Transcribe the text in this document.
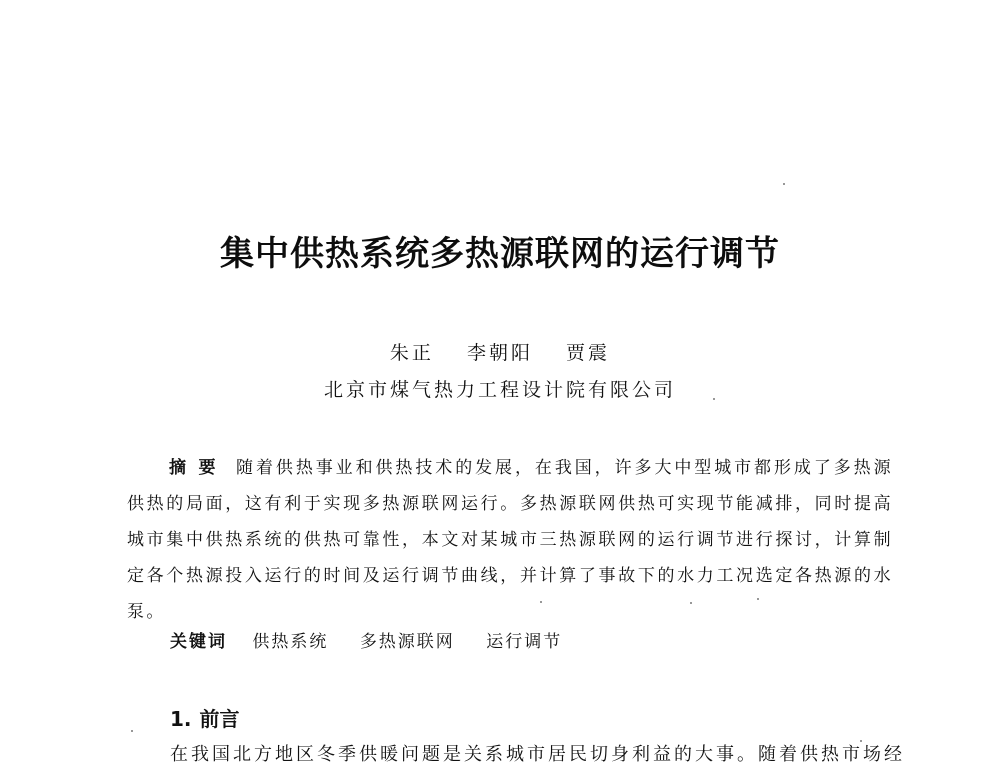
集中供热系统多热源联网的运行调节
朱正 李朝阳 贾震
北京市煤气热力工程设计院有限公司
摘要 随着供热事业和供热技术的发展，在我国，许多大中型城市都形成了多热源供热的局面，这有利于实现多热源联网运行。多热源联网供热可实现节能减排，同时提高城市集中供热系统的供热可靠性，本文对某城市三热源联网的运行调节进行探讨，计算制定各个热源投入运行的时间及运行调节曲线，并计算了事故下的水力工况选定各热源的水泵。
关键词 供热系统 多热源联网 运行调节
1. 前言
在我国北方地区冬季供暖问题是关系城市居民切身利益的大事。随着供热市场经
